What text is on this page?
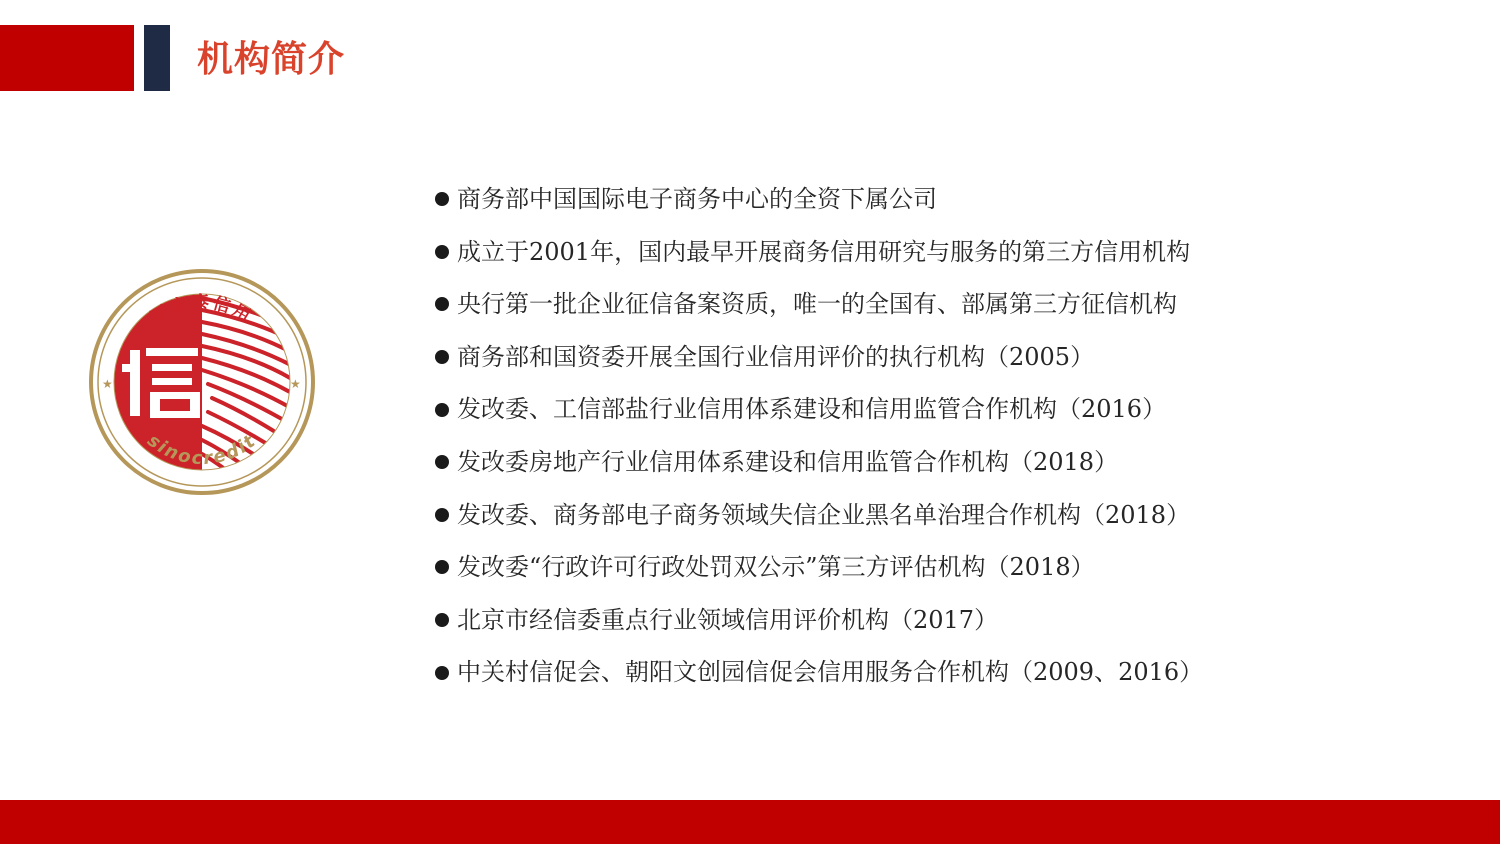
机构简介
国富泰信用
sinocredit
★	★
商务部中国国际电子商务中心的全资下属公司
成立于2001年，国内最早开展商务信用研究与服务的第三方信用机构
央行第一批企业征信备案资质，唯一的全国有、部属第三方征信机构
商务部和国资委开展全国行业信用评价的执行机构（2005）
发改委、工信部盐行业信用体系建设和信用监管合作机构（2016）
发改委房地产行业信用体系建设和信用监管合作机构（2018）
发改委、商务部电子商务领域失信企业黑名单治理合作机构（2018）
发改委“行政许可行政处罚双公示”第三方评估机构（2018）
北京市经信委重点行业领域信用评价机构（2017）
中关村信促会、朝阳文创园信促会信用服务合作机构（2009、2016）
